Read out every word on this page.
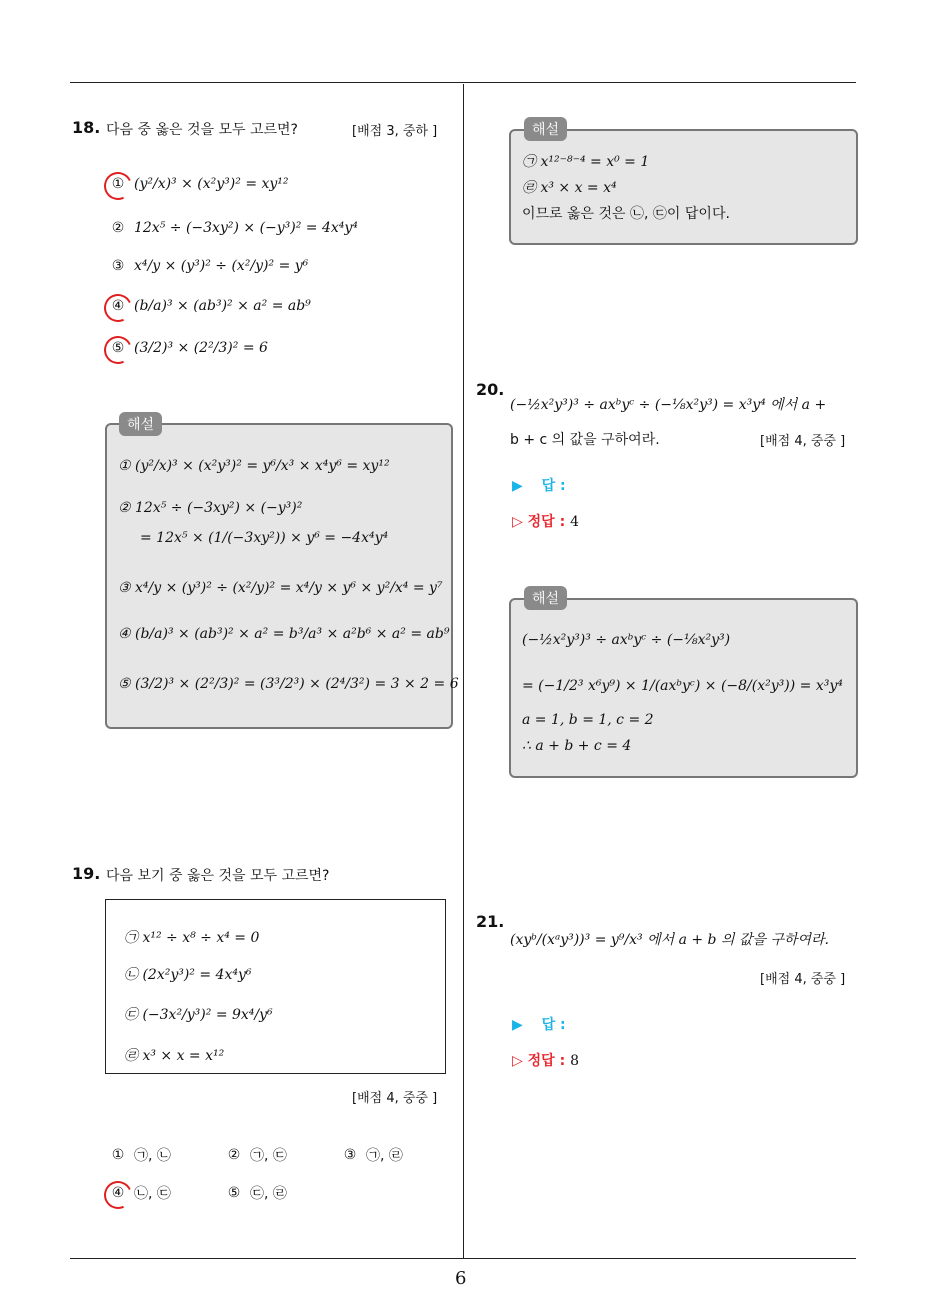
18. 다음 중 옳은 것을 모두 고르면?	[배점 3, 중하 ]
① (y²/x)³ × (x²y³)² = xy¹²
② 12x⁵ ÷ (−3xy²) × (−y³)² = 4x⁴y⁴
③ x⁴/y × (y³)² ÷ (x²/y)² = y⁶
④ (b/a)³ × (ab³)² × a² = ab⁹
⑤ (3/2)³ × (2²/3)² = 6
해설
① (y²/x)³ × (x²y³)² = y⁶/x³ × x⁴y⁶ = xy¹²
② 12x⁵ ÷ (−3xy²) × (−y³)²
= 12x⁵ × (1/(−3xy²)) × y⁶ = −4x⁴y⁴
③ x⁴/y × (y³)² ÷ (x²/y)² = x⁴/y × y⁶ × y²/x⁴ = y⁷
④ (b/a)³ × (ab³)² × a² = b³/a³ × a²b⁶ × a² = ab⁹
⑤ (3/2)³ × (2²/3)² = (3³/2³) × (2⁴/3²) = 3 × 2 = 6
19. 다음 보기 중 옳은 것을 모두 고르면?
㉠ x¹² ÷ x⁸ ÷ x⁴ = 0
㉡ (2x²y³)² = 4x⁴y⁶
㉢ (−3x²/y³)² = 9x⁴/y⁶
㉣ x³ × x = x¹²
[배점 4, 중중 ]
① ㉠, ㉡	② ㉠, ㉢	③ ㉠, ㉣
④ ㉡, ㉢	⑤ ㉢, ㉣
해설
㉠ x¹²⁻⁸⁻⁴ = x⁰ = 1
㉣ x³ × x = x⁴
이므로 옳은 것은 ㉡, ㉢이 답이다.
20.
(−½x²y³)³ ÷ axᵇyᶜ ÷ (−⅛x²y³) = x³y⁴ 에서 a +
b + c 의 값을 구하여라.	[배점 4, 중중 ]
▶ 답 :
▷ 정답 : 4
해설
(−½x²y³)³ ÷ axᵇyᶜ ÷ (−⅛x²y³)
= (−1/2³ x⁶y⁹) × 1/(axᵇyᶜ) × (−8/(x²y³)) = x³y⁴
a = 1, b = 1, c = 2
∴ a + b + c = 4
21.
(xyᵇ/(xᵃy³))³ = y⁹/x³ 에서 a + b 의 값을 구하여라.
[배점 4, 중중 ]
▶ 답 :
▷ 정답 : 8
6
